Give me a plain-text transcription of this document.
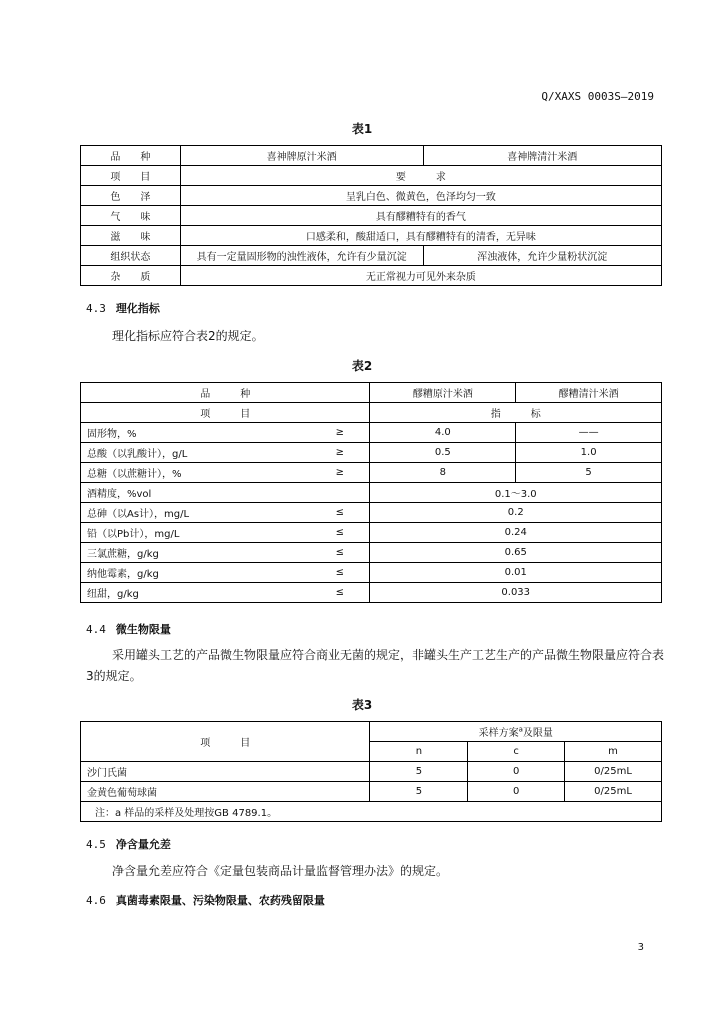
Q/XAXS 0003S—2019
表1
品　　种	喜神牌原汁米酒	喜神牌清汁米酒
项　　目	要　　　求	
色　　泽	呈乳白色、微黄色，色泽均匀一致	
气　　味	具有醪糟特有的香气	
滋　　味	口感柔和，酸甜适口，具有醪糟特有的清香，无异味	
组织状态	具有一定量固形物的浊性液体，允许有少量沉淀	浑浊液体，允许少量粉状沉淀
杂　　质	无正常视力可见外来杂质	
4.3 理化指标
理化指标应符合表2的规定。
表2
品　　　种		醪糟原汁米酒	醪糟清汁米酒
项　　　目		指　　　标	
固形物，%	≥	4.0	——
总酸（以乳酸计），g/L	≥	0.5	1.0
总糖（以蔗糖计），%	≥	8	5
酒精度，%vol		0.1～3.0	
总砷（以As计），mg/L	≤	0.2	
铅（以Pb计），mg/L	≤	0.24	
三氯蔗糖，g/kg	≤	0.65	
纳他霉素，g/kg	≤	0.01	
纽甜，g/kg	≤	0.033	
4.4 微生物限量
采用罐头工艺的产品微生物限量应符合商业无菌的规定，非罐头生产工艺生产的产品微生物限量应符合表3的规定。
表3
项　　　目	采样方案$^a$及限量		
	n	c	m
沙门氏菌	5	0	0/25mL
金黄色葡萄球菌	5	0	0/25mL
注：a 样品的采样及处理按GB 4789.1。			
4.5 净含量允差
净含量允差应符合《定量包装商品计量监督管理办法》的规定。
4.6 真菌毒素限量、污染物限量、农药残留限量
3
